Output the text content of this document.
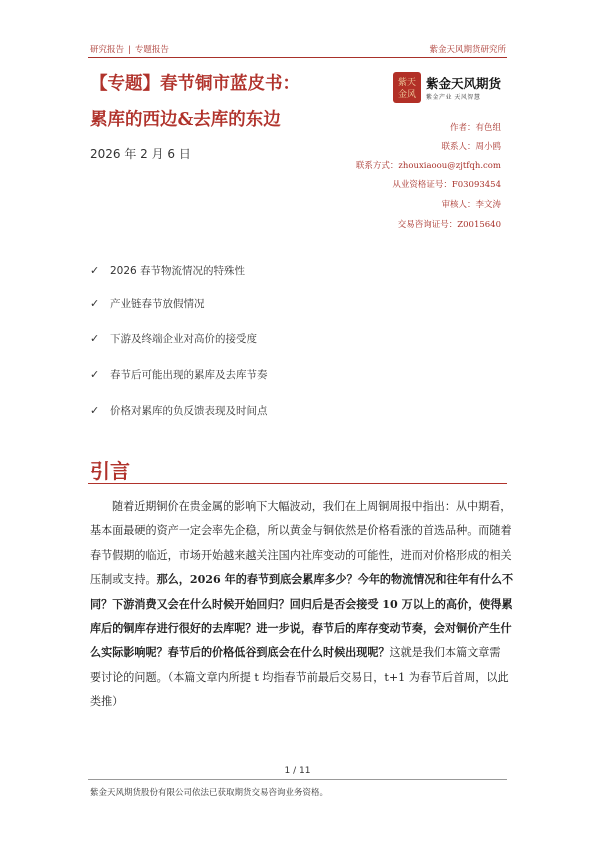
研究报告 | 专题报告	紫金天风期货研究所
【专题】春节铜市蓝皮书：
累库的西边&去库的东边
2026 年 2 月 6 日
紫天
金风
紫金天风期货
紫金产业 天风智慧
作者：有色组
联系人：周小鸥
联系方式：zhouxiaoou@zjtfqh.com
从业资格证号：F03093454
审核人：李文涛
交易咨询证号：Z0015640
✓ 2026 春节物流情况的特殊性
✓ 产业链春节放假情况
✓ 下游及终端企业对高价的接受度
✓ 春节后可能出现的累库及去库节奏
✓ 价格对累库的负反馈表现及时间点
引言
随着近期铜价在贵金属的影响下大幅波动，我们在上周铜周报中指出：从中期看，
基本面最硬的资产一定会率先企稳，所以黄金与铜依然是价格看涨的首选品种。而随着
春节假期的临近，市场开始越来越关注国内社库变动的可能性，进而对价格形成的相关
压制或支持。那么，2026 年的春节到底会累库多少？今年的物流情况和往年有什么不
同？下游消费又会在什么时候开始回归？回归后是否会接受 10 万以上的高价，使得累
库后的铜库存进行很好的去库呢？进一步说，春节后的库存变动节奏，会对铜价产生什
么实际影响呢？春节后的价格低谷到底会在什么时候出现呢？这就是我们本篇文章需
要讨论的问题。（本篇文章内所提 t 均指春节前最后交易日，t+1 为春节后首周，以此
类推）
1 / 11
紫金天风期货股份有限公司依法已获取期货交易咨询业务资格。
